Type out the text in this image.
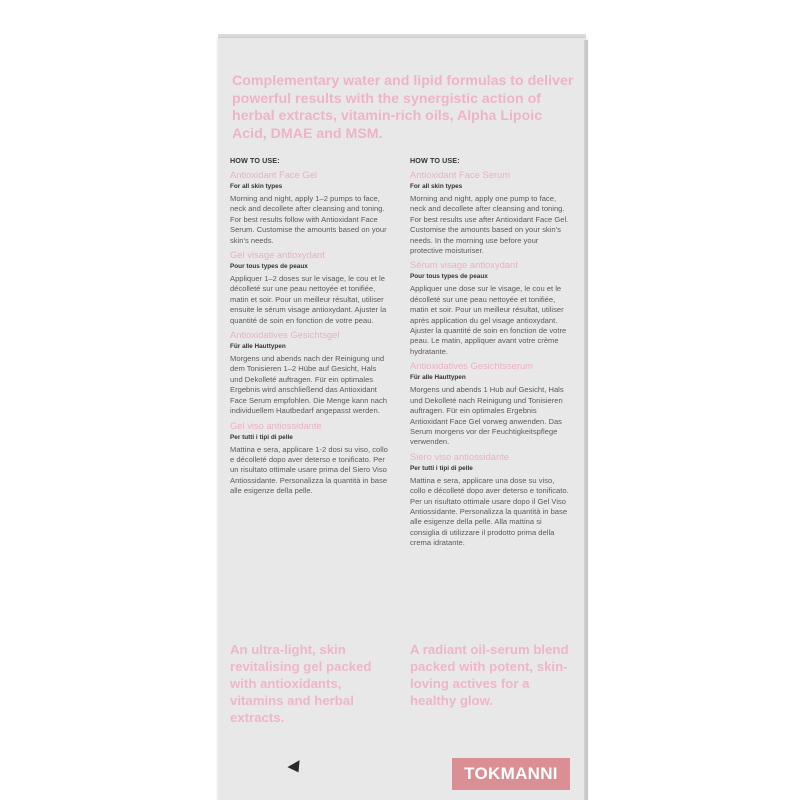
Complementary water and lipid formulas to deliver powerful results with the synergistic action of herbal extracts, vitamin-rich oils, Alpha Lipoic Acid, DMAE and MSM.

HOW TO USE:

Antioxidant Face Gel

For all skin types

Morning and night, apply 1–2 pumps to face, neck and decollete after cleansing and toning. For best results follow with Antioxidant Face Serum. Customise the amounts based on your skin's needs.

Gel visage antioxydant

Pour tous types de peaux

Appliquer 1–2 doses sur le visage, le cou et le décolleté sur une peau nettoyée et tonifiée, matin et soir. Pour un meilleur résultat, utiliser ensuite le sérum visage antioxydant. Ajuster la quantité de soin en fonction de votre peau.

Antioxidatives Gesichtsgel

Für alle Hauttypen

Morgens und abends nach der Reinigung und dem Tonisieren 1–2 Hübe auf Gesicht, Hals und Dekolleté auftragen. Für ein optimales Ergebnis wird anschließend das Antioxidant Face Serum empfohlen. Die Menge kann nach individuellem Hautbedarf angepasst werden.

Gel viso antiossidante

Per tutti i tipi di pelle

Mattina e sera, applicare 1-2 dosi su viso, collo e décolleté dopo aver deterso e tonificato. Per un risultato ottimale usare prima del Siero Viso Antiossidante. Personalizza la quantità in base alle esigenze della pelle.

HOW TO USE:

Antioxidant Face Serum

For all skin types

Morning and night, apply one pump to face, neck and decollete after cleansing and toning. For best results use after Antioxidant Face Gel. Customise the amounts based on your skin's needs. In the morning use before your protective moisturiser.

Sérum visage antioxydant

Pour tous types de peaux

Appliquer une dose sur le visage, le cou et le décolleté sur une peau nettoyée et tonifiée, matin et soir. Pour un meilleur résultat, utiliser après application du gel visage antioxydant. Ajuster la quantité de soin en fonction de votre peau. Le matin, appliquer avant votre crème hydratante.

Antioxidatives Gesichtsserum

Für alle Hauttypen

Morgens und abends 1 Hub auf Gesicht, Hals und Dekolleté nach Reinigung und Tonisieren auftragen. Für ein optimales Ergebnis Antioxidant Face Gel vorweg anwenden. Das Serum morgens vor der Feuchtigkeitspflege verwenden.

Siero viso antiossidante

Per tutti i tipi di pelle

Mattina e sera, applicare una dose su viso, collo e décolleté dopo aver deterso e tonificato. Per un risultato ottimale usare dopo il Gel Viso Antiossidante. Personalizza la quantità in base alle esigenze della pelle. Alla mattina si consiglia di utilizzare il prodotto prima della crema idratante.

An ultra-light, skin revitalising gel packed with antioxidants, vitamins and herbal extracts.

A radiant oil-serum blend packed with potent, skin-loving actives for a healthy glow.

TOKMANNI
